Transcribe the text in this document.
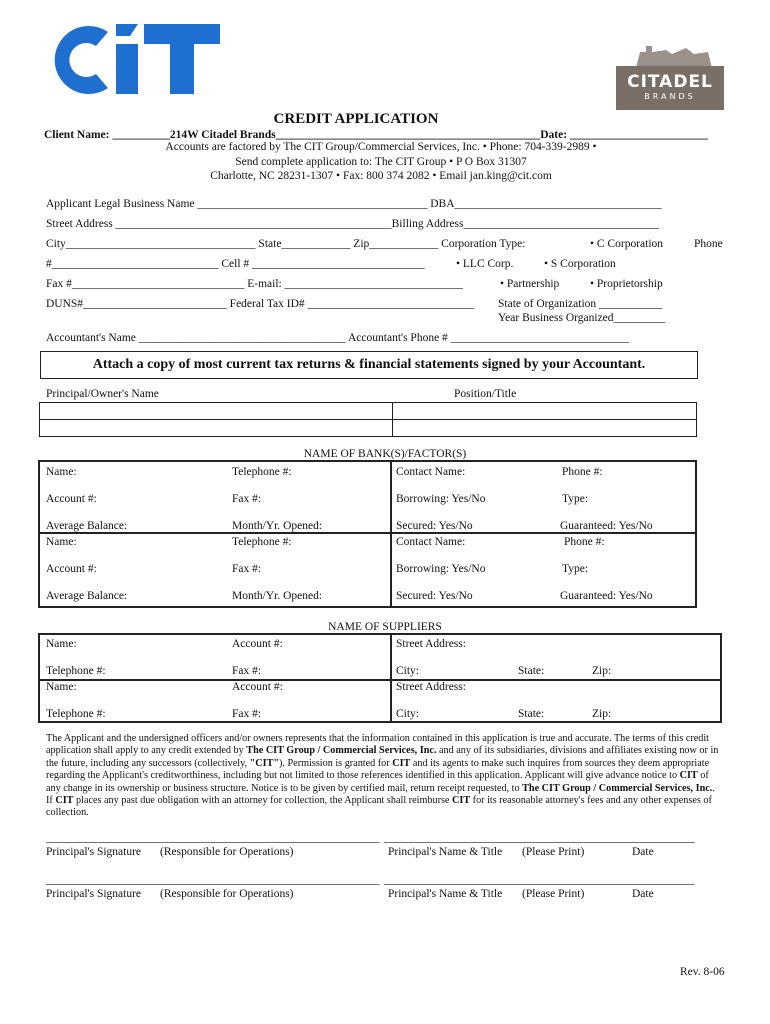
CITADEL
BRANDS
CREDIT APPLICATION
Client Name: __________214W Citadel Brands______________________________________________Date: ________________________
Accounts are factored by The CIT Group/Commercial Services, Inc. • Phone: 704-339-2989 •
Send complete application to: The CIT Group • P O Box 31307
Charlotte, NC 28231-1307 • Fax: 800 374 2082 • Email jan.king@cit.com
Applicant Legal Business Name ________________________________________ DBA____________________________________
Street Address ________________________________________________Billing Address__________________________________
City_________________________________ State____________ Zip____________ Corporation Type:	• C Corporation	Phone
#_____________________________ Cell # ______________________________	• LLC Corp.	• S Corporation
Fax #______________________________ E-mail: _______________________________	• Partnership	• Proprietorship
DUNS#_________________________ Federal Tax ID# _____________________________ State of Organization ___________
Year Business Organized_________
Accountant's Name ____________________________________ Accountant's Phone # _______________________________
Attach a copy of most current tax returns & financial statements signed by your Accountant.
Principal/Owner's Name	Position/Title

NAME OF BANK(S)/FACTOR(S)
Name:	Telephone #:	Contact Name:	Phone #:
Account #:	Fax #:	Borrowing: Yes/No	Type:
Average Balance:	Month/Yr. Opened:	Secured: Yes/No	Guaranteed: Yes/No
Name:	Telephone #:	Contact Name:	Phone #:
Account #:	Fax #:	Borrowing: Yes/No	Type:
Average Balance:	Month/Yr. Opened:	Secured: Yes/No	Guaranteed: Yes/No
NAME OF SUPPLIERS
Name:	Account #:	Street Address:
Telephone #:	Fax #:	City:	State:	Zip:
Name:	Account #:	Street Address:
Telephone #:	Fax #:	City:	State:	Zip:
The Applicant and the undersigned officers and/or owners represents that the information contained in this application is true and accurate. The terms of this credit application shall apply to any credit extended by The CIT Group / Commercial Services, Inc. and any of its subsidiaries, divisions and affiliates existing now or in the future, including any successors (collectively, "CIT"). Permission is granted for CIT and its agents to make such inquires from sources they deem appropriate regarding the Applicant's creditworthiness, including but not limited to those references identified in this application. Applicant will give advance notice to CIT of any change in its ownership or business structure. Notice is to be given by certified mail, return receipt requested, to The CIT Group / Commercial Services, Inc.. If CIT places any past due obligation with an attorney for collection, the Applicant shall reimburse CIT for its reasonable attorney's fees and any other expenses of collection.
__________________________________________________________ ______________________________________________________
Principal's Signature (Responsible for Operations)	Principal's Name & Title (Please Print)	Date
__________________________________________________________ ______________________________________________________
Principal's Signature (Responsible for Operations)	Principal's Name & Title (Please Print)	Date
Rev. 8-06
